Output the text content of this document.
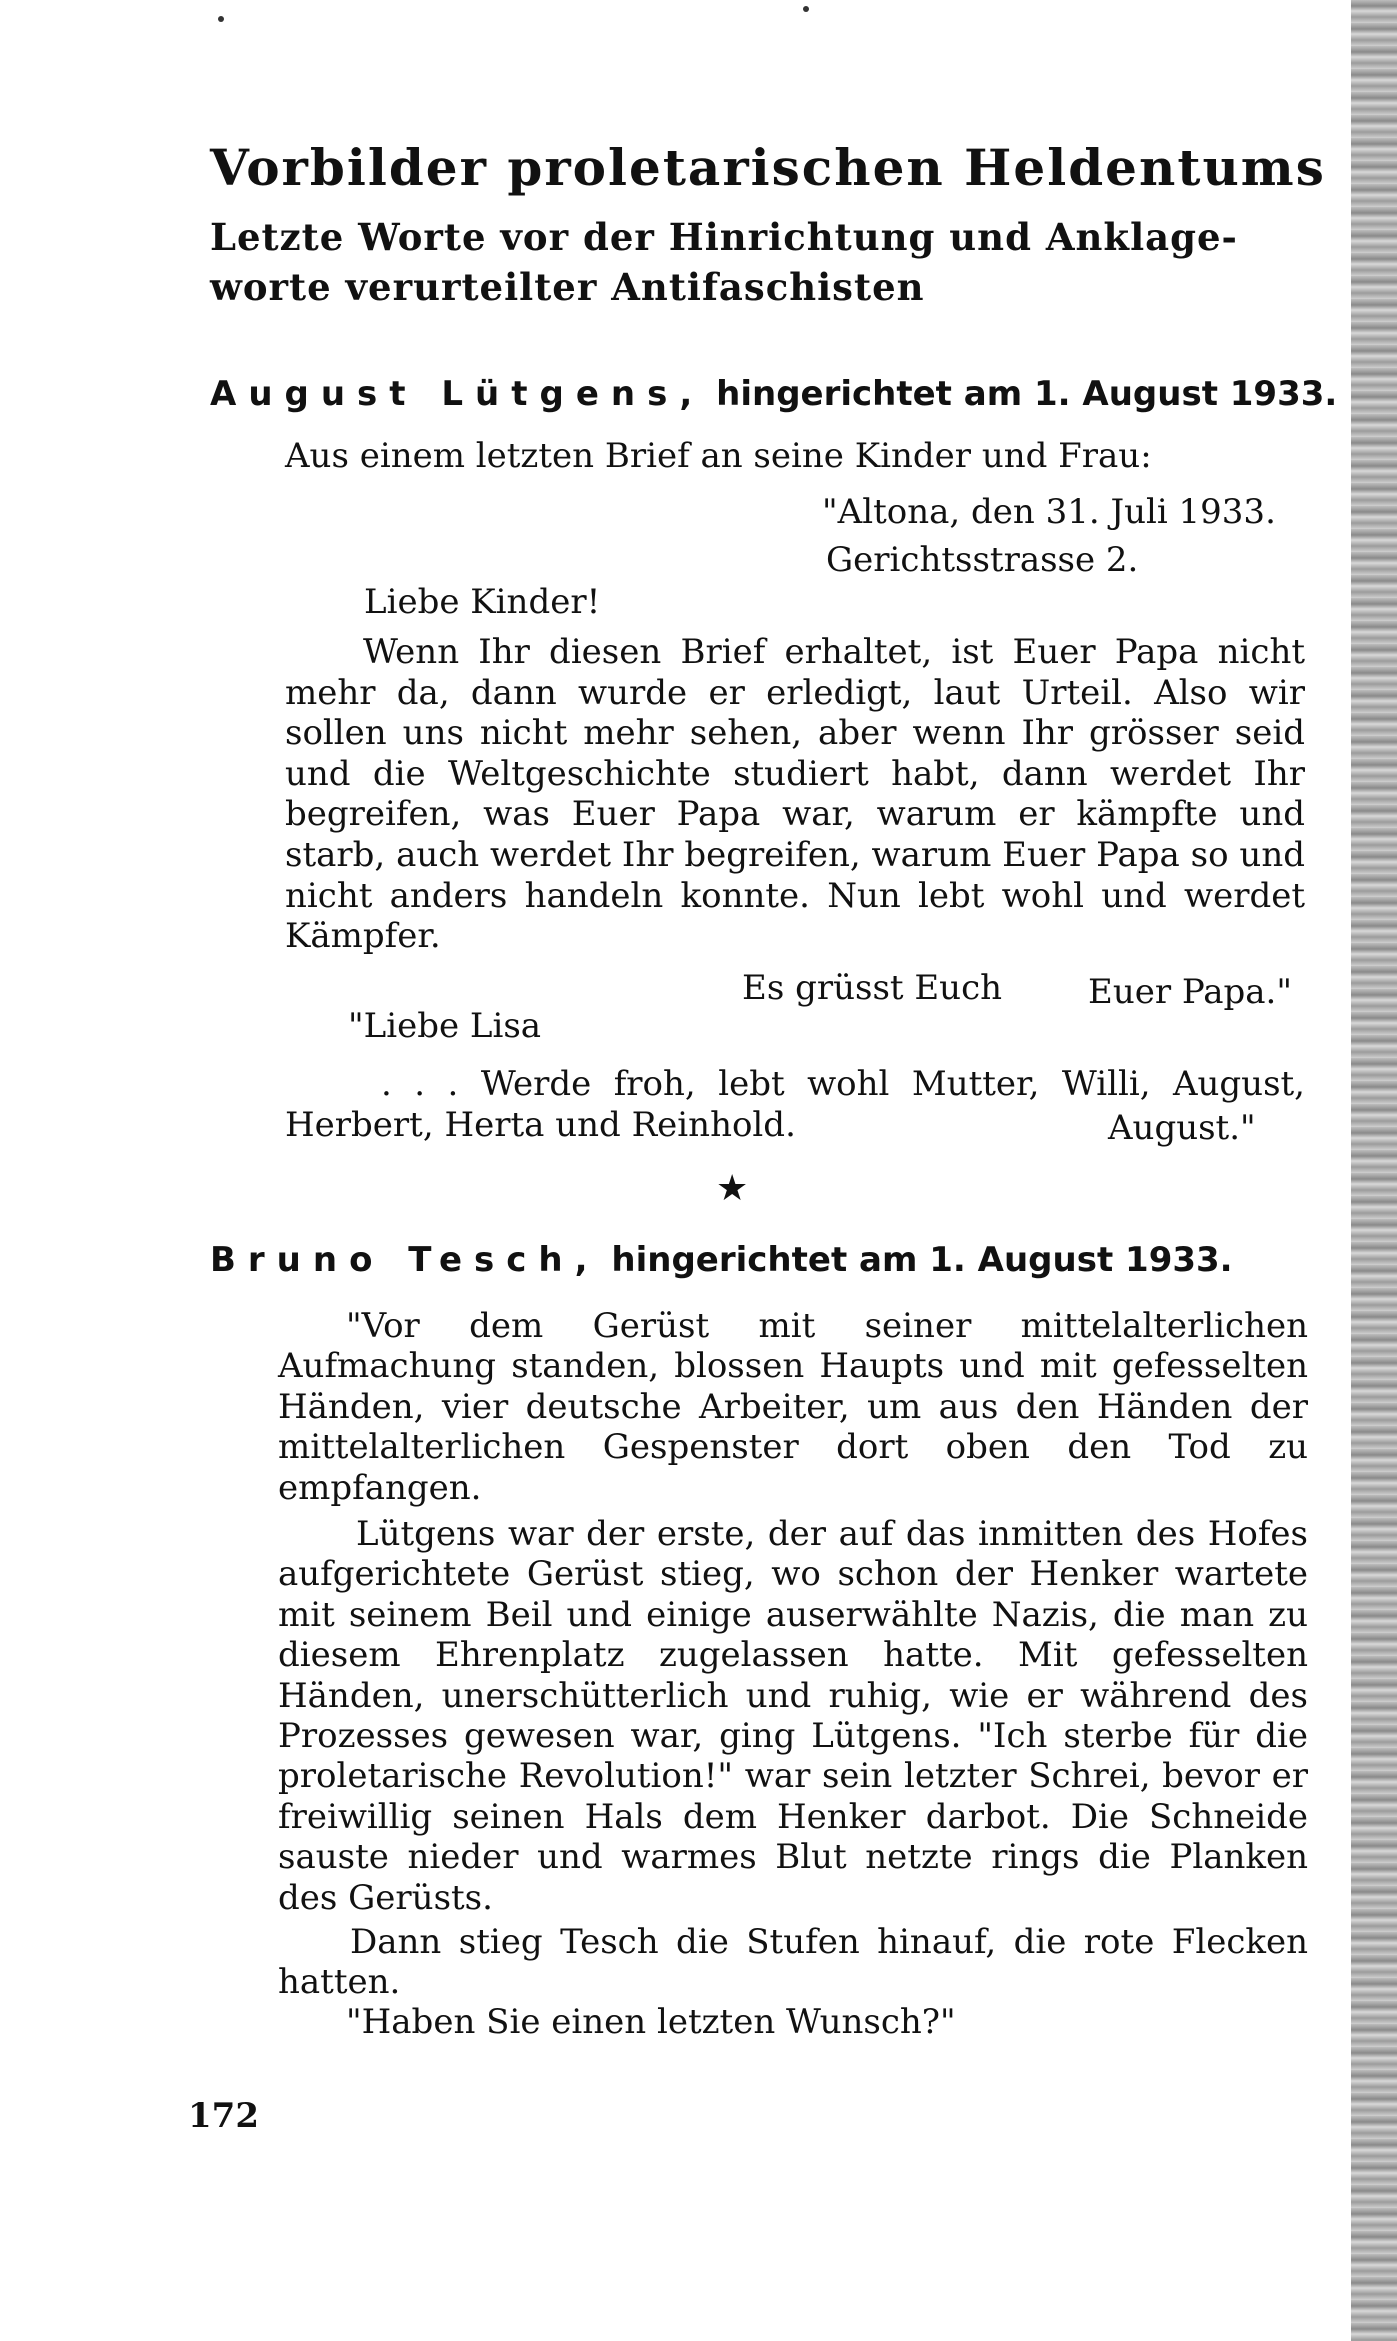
Vorbilder proletarischen Heldentums
Letzte Worte vor der Hinrichtung und Anklage-worte verurteilter Antifaschisten
August Lütgens, hingerichtet am 1. August 1933.
Aus einem letzten Brief an seine Kinder und Frau:
"Altona, den 31. Juli 1933.
Gerichtsstrasse 2.
Liebe Kinder!
Wenn Ihr diesen Brief erhaltet, ist Euer Papa nicht mehr da, dann wurde er erledigt, laut Urteil. Also wir sollen uns nicht mehr sehen, aber wenn Ihr grösser seid und die Weltgeschichte studiert habt, dann werdet Ihr begreifen, was Euer Papa war, warum er kämpfte und starb, auch werdet Ihr begreifen, warum Euer Papa so und nicht anders handeln konnte. Nun lebt wohl und werdet Kämpfer.
Es grüsst Euch	Euer Papa."
"Liebe Lisa
. . . Werde froh, lebt wohl Mutter, Willi, August, Herbert, Herta und Reinhold.	August."
★
Bruno Tesch, hingerichtet am 1. August 1933.
"Vor dem Gerüst mit seiner mittelalterlichen Aufmachung standen, blossen Haupts und mit gefesselten Händen, vier deutsche Arbeiter, um aus den Händen der mittelalterlichen Gespenster dort oben den Tod zu empfangen.
Lütgens war der erste, der auf das inmitten des Hofes aufgerichtete Gerüst stieg, wo schon der Henker wartete mit seinem Beil und einige auserwählte Nazis, die man zu diesem Ehrenplatz zugelassen hatte. Mit gefesselten Händen, unerschütterlich und ruhig, wie er während des Prozesses gewesen war, ging Lütgens. "Ich sterbe für die proletarische Revolution!" war sein letzter Schrei, bevor er freiwillig seinen Hals dem Henker darbot. Die Schneide sauste nieder und warmes Blut netzte rings die Planken des Gerüsts.
Dann stieg Tesch die Stufen hinauf, die rote Flecken hatten.
"Haben Sie einen letzten Wunsch?"
172
